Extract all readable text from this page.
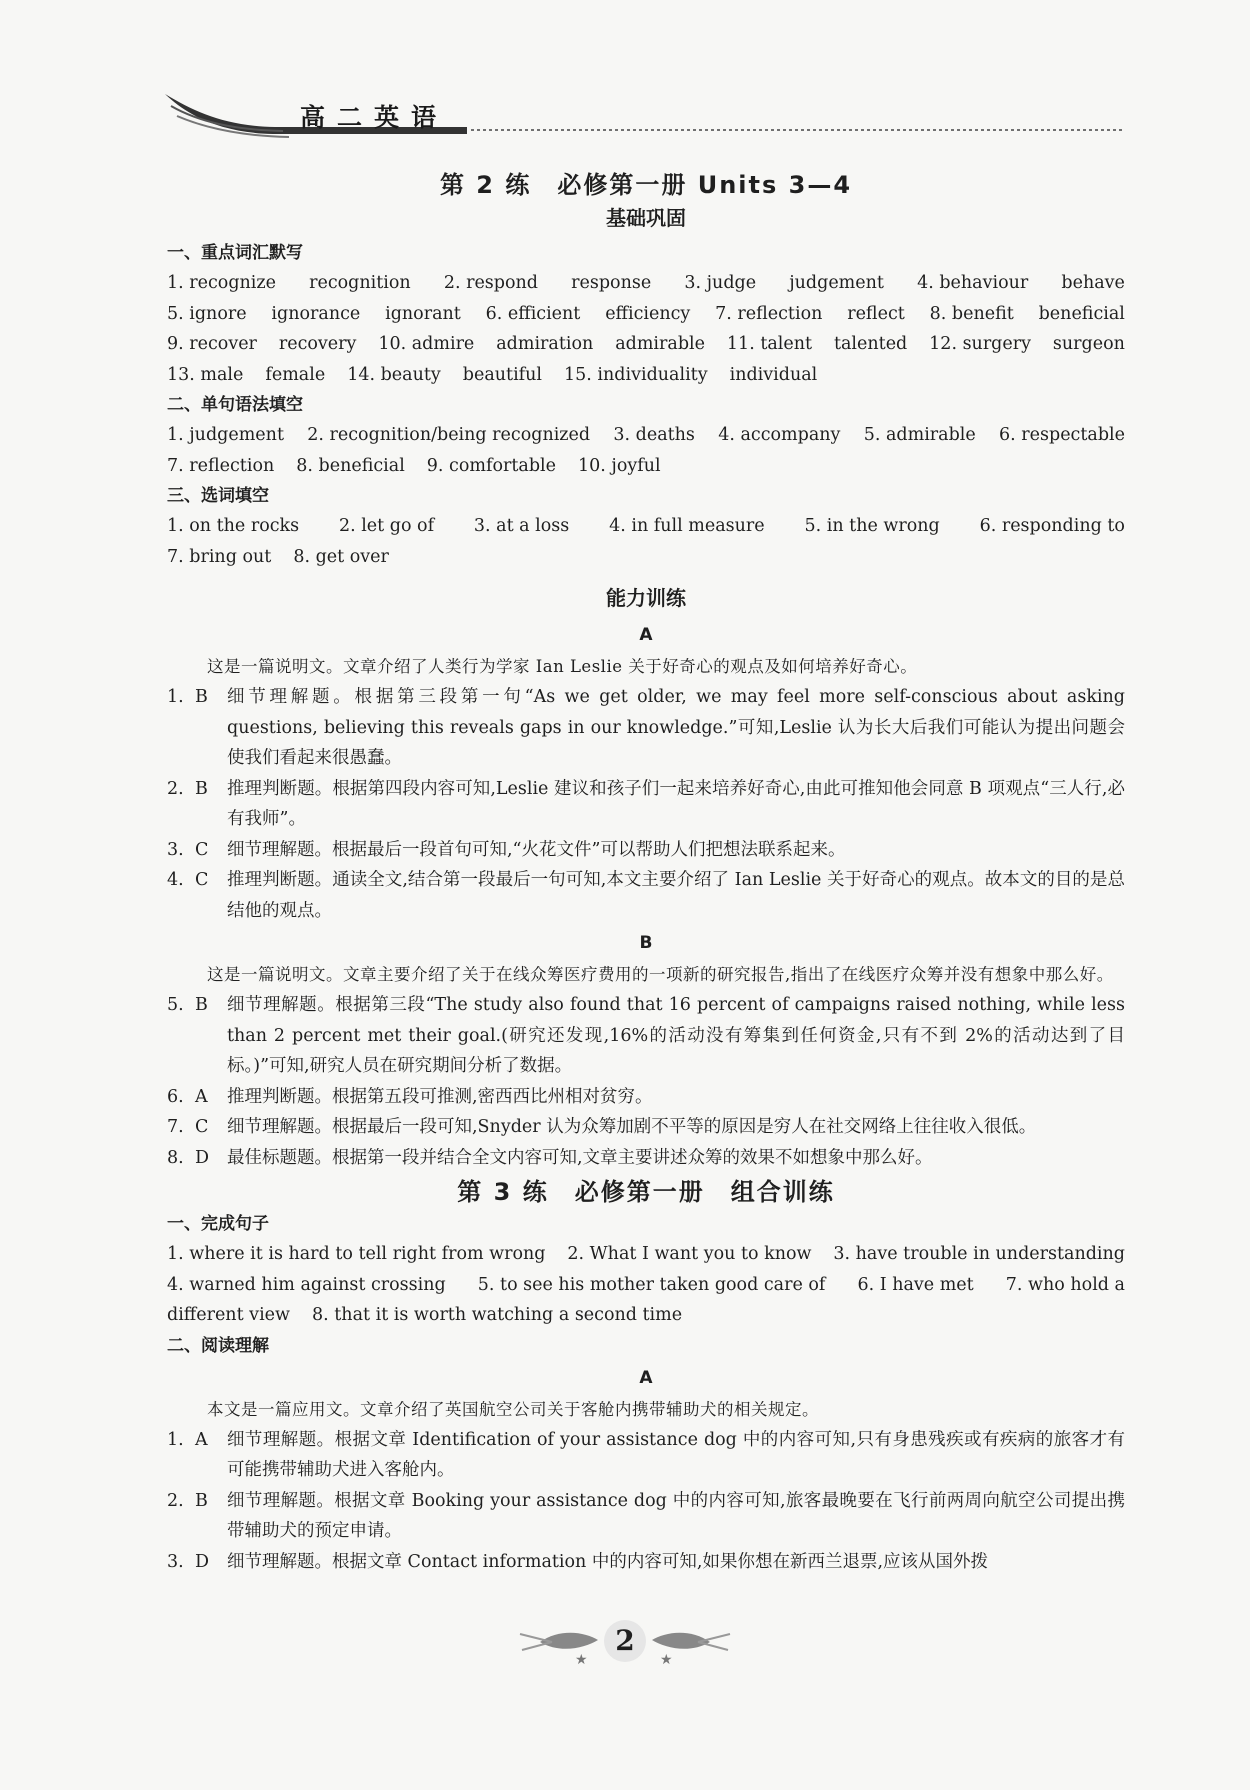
高二英语
第 2 练　必修第一册 Units 3—4
基础巩固
一、重点词汇默写
1. recognize recognition 2. respond response 3. judge judgement 4. behaviour behave
5. ignore ignorance ignorant 6. efficient efficiency 7. reflection reflect 8. benefit beneficial
9. recover recovery 10. admire admiration admirable 11. talent talented 12. surgery surgeon
13. male female 14. beauty beautiful 15. individuality individual
二、单句语法填空
1. judgement 2. recognition/being recognized 3. deaths 4. accompany 5. admirable 6. respectable
7. reflection 8. beneficial 9. comfortable 10. joyful
三、选词填空
1. on the rocks 2. let go of 3. at a loss 4. in full measure 5. in the wrong 6. responding to
7. bring out 8. get over
能力训练
A
这是一篇说明文。文章介绍了人类行为学家 Ian Leslie 关于好奇心的观点及如何培养好奇心。
1. B	细节理解题。根据第三段第一句“As we get older, we may feel more self-conscious about asking questions, believing this reveals gaps in our knowledge.”可知,Leslie 认为长大后我们可能认为提出问题会使我们看起来很愚蠢。
2. B	推理判断题。根据第四段内容可知,Leslie 建议和孩子们一起来培养好奇心,由此可推知他会同意 B 项观点“三人行,必有我师”。
3. C	细节理解题。根据最后一段首句可知,“火花文件”可以帮助人们把想法联系起来。
4. C	推理判断题。通读全文,结合第一段最后一句可知,本文主要介绍了 Ian Leslie 关于好奇心的观点。故本文的目的是总结他的观点。
B
这是一篇说明文。文章主要介绍了关于在线众筹医疗费用的一项新的研究报告,指出了在线医疗众筹并没有想象中那么好。
5. B	细节理解题。根据第三段“The study also found that 16 percent of campaigns raised nothing, while less than 2 percent met their goal.(研究还发现,16%的活动没有筹集到任何资金,只有不到 2%的活动达到了目标。)”可知,研究人员在研究期间分析了数据。
6. A	推理判断题。根据第五段可推测,密西西比州相对贫穷。
7. C	细节理解题。根据最后一段可知,Snyder 认为众筹加剧不平等的原因是穷人在社交网络上往往收入很低。
8. D	最佳标题题。根据第一段并结合全文内容可知,文章主要讲述众筹的效果不如想象中那么好。
第 3 练　必修第一册　组合训练
一、完成句子
1. where it is hard to tell right from wrong 2. What I want you to know 3. have trouble in understanding
4. warned him against crossing 5. to see his mother taken good care of 6. I have met 7. who hold a
different view 8. that it is worth watching a second time
二、阅读理解
A
本文是一篇应用文。文章介绍了英国航空公司关于客舱内携带辅助犬的相关规定。
1. A	细节理解题。根据文章 Identification of your assistance dog 中的内容可知,只有身患残疾或有疾病的旅客才有可能携带辅助犬进入客舱内。
2. B	细节理解题。根据文章 Booking your assistance dog 中的内容可知,旅客最晚要在飞行前两周向航空公司提出携带辅助犬的预定申请。
3. D	细节理解题。根据文章 Contact information 中的内容可知,如果你想在新西兰退票,应该从国外拨
★	★
2
